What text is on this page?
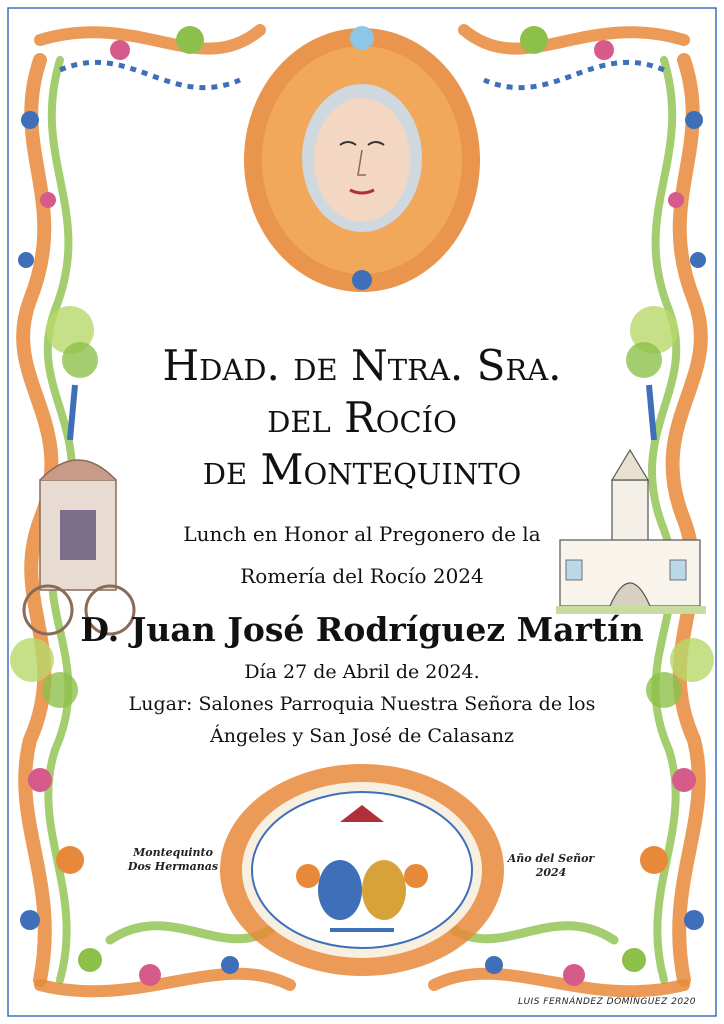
Hdad. de Ntra. Sra.
del Rocío
de Montequinto
Lunch en Honor al Pregonero de la
Romería del Rocío 2024
D. Juan José Rodríguez Martín
Día 27 de Abril de 2024.
Lugar: Salones Parroquia Nuestra Señora de los
Ángeles y San José de Calasanz
Montequinto
Dos Hermanas
Año del Señor
2024
LUIS FERNÁNDEZ DOMÍNGUEZ 2020
